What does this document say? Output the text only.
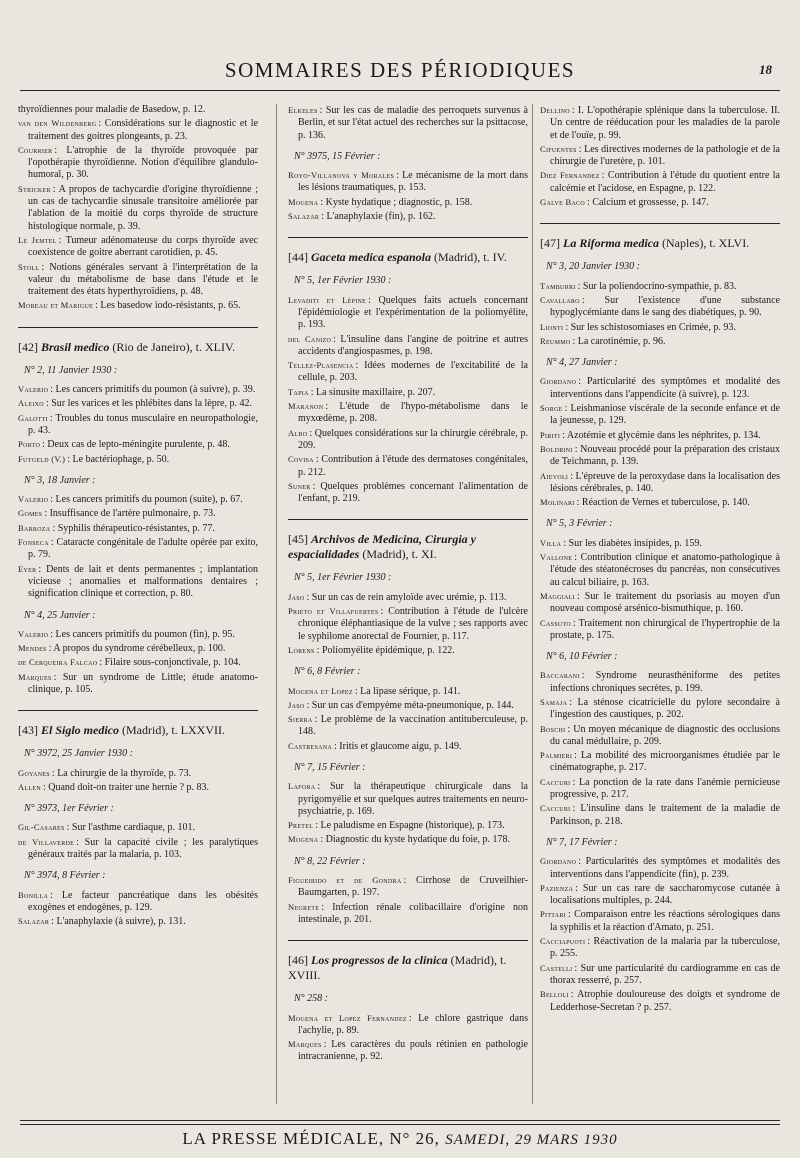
SOMMAIRES DES PÉRIODIQUES	18
thyroïdiennes pour maladie de Basedow, p. 12.
van den Wildenberg : Considérations sur le diagnostic et le traitement des goitres plongeants, p. 23.
Courrier : L'atrophie de la thyroïde provoquée par l'opothérapie thyroïdienne. Notion d'équilibre glandulo-humoral, p. 30.
Stricker : A propos de tachycardie d'origine thyroïdienne ; un cas de tachycardie sinusale transitoire améliorée par l'ablation de la moitié du corps thyroïde de structure histologique normale, p. 39.
Le Jemtel : Tumeur adénomateuse du corps thyroïde avec coexistence de goitre aberrant carotidien, p. 45.
Stoll : Notions générales servant à l'interprétation de la valeur du métabolisme de base dans l'étude et le traitement des états hyperthyroïdiens, p. 48.
Moreau et Marigue : Les basedow iodo-résistants, p. 65.
[42] Brasil medico (Rio de Janeiro), t. XLIV.
N° 2, 11 Janvier 1930 :
Valerio : Les cancers primitifs du poumon (à suivre), p. 39.
Aleixo : Sur les varices et les phlébites dans la lèpre, p. 42.
Galotti : Troubles du tonus musculaire en neuropathologie, p. 43.
Porto : Deux cas de lepto-méningite purulente, p. 48.
Futgeld (V.) : Le bactériophage, p. 50.
N° 3, 18 Janvier :
Valerio : Les cancers primitifs du poumon (suite), p. 67.
Gomes : Insuffisance de l'artère pulmonaire, p. 73.
Barroza : Syphilis thérapeutico-résistantes, p. 77.
Fonseca : Cataracte congénitale de l'adulte opérée par exito, p. 79.
Eyer : Dents de lait et dents permanentes ; implantation vicieuse ; anomalies et malformations dentaires ; signification clinique et correction, p. 80.
N° 4, 25 Janvier :
Valerio : Les cancers primitifs du poumon (fin), p. 95.
Mendes : A propos du syndrome cérébelleux, p. 100.
de Cerqueira Falcao : Filaire sous-conjonctivale, p. 104.
Marques : Sur un syndrome de Little; étude anatomo-clinique, p. 105.
[43] El Siglo medico (Madrid), t. LXXVII.
N° 3972, 25 Janvier 1930 :
Goyanes : La chirurgie de la thyroïde, p. 73.
Allen : Quand doit-on traiter une hernie ? p. 83.
N° 3973, 1er Février :
Gil-Casares : Sur l'asthme cardiaque, p. 101.
de Villaverde : Sur la capacité civile ; les paralytiques généraux traités par la malaria, p. 103.
N° 3974, 8 Février :
Bonilla : Le facteur pancréatique dans les obésités exogènes et endogènes, p. 129.
Salazar : L'anaphylaxie (à suivre), p. 131.
Elkeles : Sur les cas de maladie des perroquets survenus à Berlin, et sur l'état actuel des recherches sur la psittacose, p. 136.
N° 3975, 15 Février :
Royo-Villanova y Morales : Le mécanisme de la mort dans les lésions traumatiques, p. 153.
Mogena : Kyste hydatique ; diagnostic, p. 158.
Salazar : L'anaphylaxie (fin), p. 162.
[44] Gaceta medica espanola (Madrid), t. IV.
N° 5, 1er Février 1930 :
Levaditi et Lépine : Quelques faits actuels concernant l'épidémiologie et l'expérimentation de la poliomyélite, p. 193.
del Canizo : L'insuline dans l'angine de poitrine et autres accidents d'angiospasmes, p. 198.
Tellez-Plasencia : Idées modernes de l'excitabilité de la cellule, p. 203.
Tapia : La sinusite maxillaire, p. 207.
Maranon : L'étude de l'hypo-métabolisme dans le myxœdème, p. 208.
Albo : Quelques considérations sur la chirurgie cérébrale, p. 209.
Covisa : Contribution à l'étude des dermatoses congénitales, p. 212.
Suner : Quelques problèmes concernant l'alimentation de l'enfant, p. 219.
[45] Archivos de Medicina, Cirurgia y espacialidades (Madrid), t. XI.
N° 5, 1er Février 1930 :
Jaso : Sur un cas de rein amyloïde avec urémie, p. 113.
Prieto et Villafuertes : Contribution à l'étude de l'ulcère chronique éléphantiasique de la vulve ; ses rapports avec le syphilome anorectal de Fournier, p. 117.
Lorens : Poliomyélite épidémique, p. 122.
N° 6, 8 Février :
Mogena et Lopez : La lipase sérique, p. 141.
Jaso : Sur un cas d'empyème méta-pneumonique, p. 144.
Sierra : Le problème de la vaccination antituberculeuse, p. 148.
Castresana : Iritis et glaucome aigu, p. 149.
N° 7, 15 Février :
Lafora : Sur la thérapeutique chirurgicale dans la pyrigomyélie et sur quelques autres traitements en neuro-psychiatrie, p. 169.
Pretel : Le paludisme en Espagne (historique), p. 173.
Mogena : Diagnostic du kyste hydatique du foie, p. 178.
N° 8, 22 Février :
Figueirido et de Gondra : Cirrhose de Cruveilhier-Baumgarten, p. 197.
Negrete : Infection rénale colibacillaire d'origine non intestinale, p. 201.
[46] Los progressos de la clinica (Madrid), t. XVIII.
N° 258 :
Mogena et Lopez Fernandez : Le chlore gastrique dans l'achylie, p. 89.
Marques : Les caractères du pouls rétinien en pathologie intracranienne, p. 92.
Dellino : I. L'opothérapie splénique dans la tuberculose. II. Un centre de rééducation pour les maladies de la parole et de l'ouïe, p. 99.
Cifuentes : Les directives modernes de la pathologie et de la chirurgie de l'uretère, p. 101.
Diez Fernandez : Contribution à l'étude du quotient entre la calcémie et l'acidose, en Espagne, p. 122.
Galve Baco : Calcium et grossesse, p. 147.
[47] La Riforma medica (Naples), t. XLVI.
N° 3, 20 Janvier 1930 :
Tamburri : Sur la poliendocrino-sympathie, p. 83.
Cavallaro : Sur l'existence d'une substance hypoglycémiante dans le sang des diabétiques, p. 90.
Lionti : Sur les schistosomiases en Crimée, p. 93.
Reummo : La carotinémie, p. 96.
N° 4, 27 Janvier :
Giordano : Particularité des symptômes et modalité des interventions dans l'appendicite (à suivre), p. 123.
Sorge : Leishmaniose viscérale de la seconde enfance et de la jeunesse, p. 129.
Piriti : Azotémie et glycémie dans les néphrites, p. 134.
Boldrini : Nouveau procédé pour la préparation des cristaux de Teichmann, p. 139.
Aievoli : L'épreuve de la peroxydase dans la localisation des lésions cérébrales, p. 140.
Molinari : Réaction de Vernes et tuberculose, p. 140.
N° 5, 3 Février :
Villa : Sur les diabètes insipides, p. 159.
Vallone : Contribution clinique et anatomo-pathologique à l'étude des stéatonécroses du pancréas, non consécutives au calcul biliaire, p. 163.
Maggiali : Sur le traitement du psoriasis au moyen d'un nouveau composé arsénico-bismuthique, p. 160.
Cassuto : Traitement non chirurgical de l'hypertrophie de la prostate, p. 175.
N° 6, 10 Février :
Baccarani : Syndrome neurasthéniforme des petites infections chroniques secrètes, p. 199.
Samaja : La sténose cicatricielle du pylore secondaire à l'ingestion des caustiques, p. 202.
Boschi : Un moyen mécanique de diagnostic des occlusions du canal médullaire, p. 209.
Palmieri : La mobilité des microorganismes étudiée par le cinématographe, p. 217.
Caccuri : La ponction de la rate dans l'anémie pernicieuse progressive, p. 217.
Caccuri : L'insuline dans le traitement de la maladie de Parkinson, p. 218.
N° 7, 17 Février :
Giordano : Particularités des symptômes et modalités des interventions dans l'appendicite (fin), p. 239.
Pazienza : Sur un cas rare de saccharomycose cutanée à localisations multiples, p. 244.
Pittari : Comparaison entre les réactions sérologiques dans la syphilis et la réaction d'Amato, p. 251.
Cacciapuoti : Réactivation de la malaria par la tuberculose, p. 255.
Castelli : Sur une particularité du cardiogramme en cas de thorax resserré, p. 257.
Belloli : Atrophie douloureuse des doigts et syndrome de Ledderhose-Secretan ? p. 257.
LA PRESSE MÉDICALE, N° 26, SAMEDI, 29 MARS 1930
